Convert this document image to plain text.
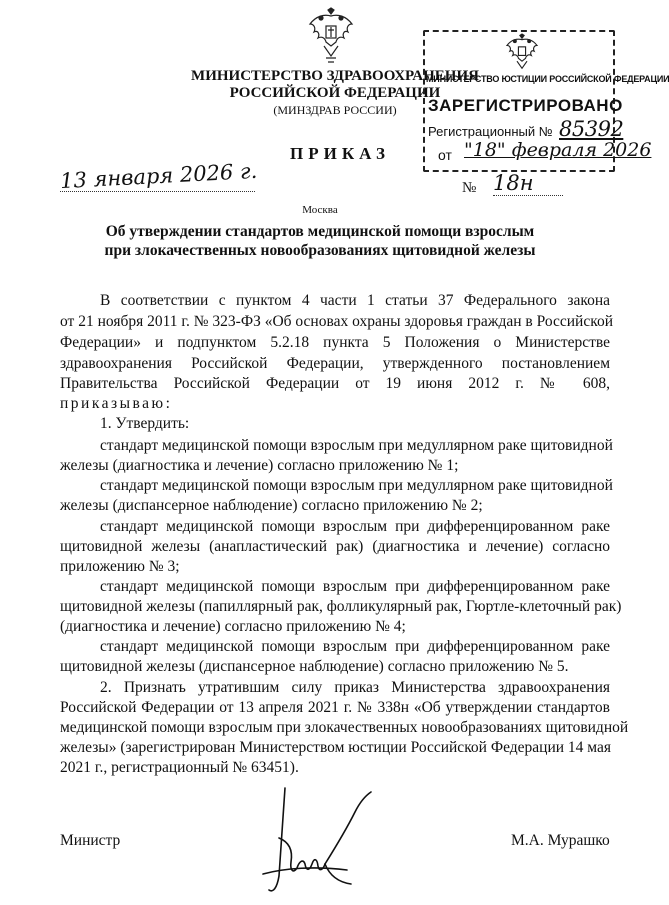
МИНИСТЕРСТВО ЗДРАВООХРАНЕНИЯ
РОССИЙСКОЙ ФЕДЕРАЦИИ
(МИНЗДРАВ РОССИИ)
МИНИСТЕРСТВО ЮСТИЦИИ РОССИЙСКОЙ ФЕДЕРАЦИИ
ЗАРЕГИСТРИРОВАНО
Регистрационный № 85392
от "18" февраля 2026
ПРИКАЗ
13 января 2026 г.	№ 18н
Москва
Об утверждении стандартов медицинской помощи взрослым
при злокачественных новообразованиях щитовидной железы
В соответствии с пунктом 4 части 1 статьи 37 Федерального закона
от 21 ноября 2011 г. № 323-ФЗ «Об основах охраны здоровья граждан в Российской
Федерации» и подпунктом 5.2.18 пункта 5 Положения о Министерстве
здравоохранения Российской Федерации, утвержденного постановлением
Правительства Российской Федерации от 19 июня 2012 г. № 608,
приказываю:
1. Утвердить:
стандарт медицинской помощи взрослым при медуллярном раке щитовидной
железы (диагностика и лечение) согласно приложению № 1;
стандарт медицинской помощи взрослым при медуллярном раке щитовидной
железы (диспансерное наблюдение) согласно приложению № 2;
стандарт медицинской помощи взрослым при дифференцированном раке
щитовидной железы (анапластический рак) (диагностика и лечение) согласно
приложению № 3;
стандарт медицинской помощи взрослым при дифференцированном раке
щитовидной железы (папиллярный рак, фолликулярный рак, Гюртле-клеточный рак)
(диагностика и лечение) согласно приложению № 4;
стандарт медицинской помощи взрослым при дифференцированном раке
щитовидной железы (диспансерное наблюдение) согласно приложению № 5.
2. Признать утратившим силу приказ Министерства здравоохранения
Российской Федерации от 13 апреля 2021 г. № 338н «Об утверждении стандартов
медицинской помощи взрослым при злокачественных новообразованиях щитовидной
железы» (зарегистрирован Министерством юстиции Российской Федерации 14 мая
2021 г., регистрационный № 63451).
Министр	М.А. Мурашко
